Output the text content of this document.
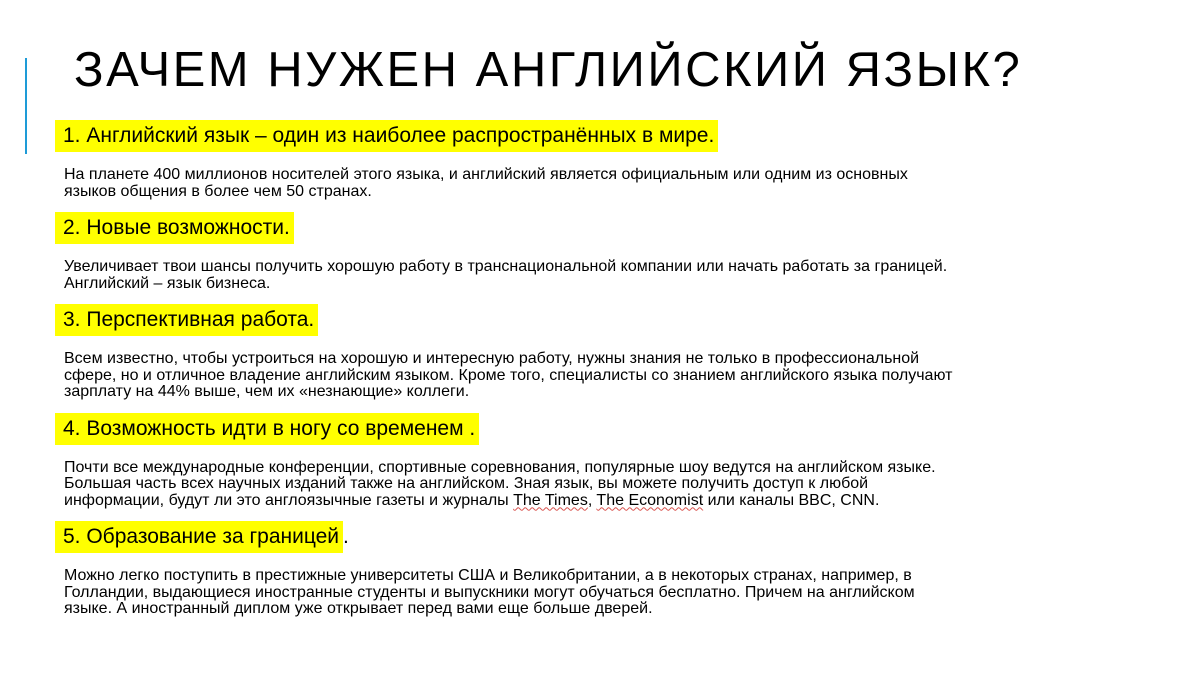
ЗАЧЕМ НУЖЕН АНГЛИЙСКИЙ ЯЗЫК?
1. Английский язык – один из наиболее распространённых в мире.

На планете 400 миллионов носителей этого языка, и английский является официальным или одним из основных
языков общения в более чем 50 странах.

2. Новые возможности.

Увеличивает твои шансы получить хорошую работу в транснациональной компании или начать работать за границей.
Английский – язык бизнеса.

3. Перспективная работа.

Всем известно, чтобы устроиться на хорошую и интересную работу, нужны знания не только в профессиональной
сфере, но и отличное владение английским языком. Кроме того, специалисты со знанием английского языка получают
зарплату на 44% выше, чем их «незнающие» коллеги.

4. Возможность идти в ногу со временем .

Почти все международные конференции, спортивные соревнования, популярные шоу ведутся на английском языке.
Большая часть всех научных изданий также на английском. Зная язык, вы можете получить доступ к любой
информации, будут ли это англоязычные газеты и журналы The Times, The Economist или каналы BBC, CNN.

5. Образование за границей .

Можно легко поступить в престижные университеты США и Великобритании, а в некоторых странах, например, в
Голландии, выдающиеся иностранные студенты и выпускники могут обучаться бесплатно. Причем на английском
языке. А иностранный диплом уже открывает перед вами еще больше дверей.
